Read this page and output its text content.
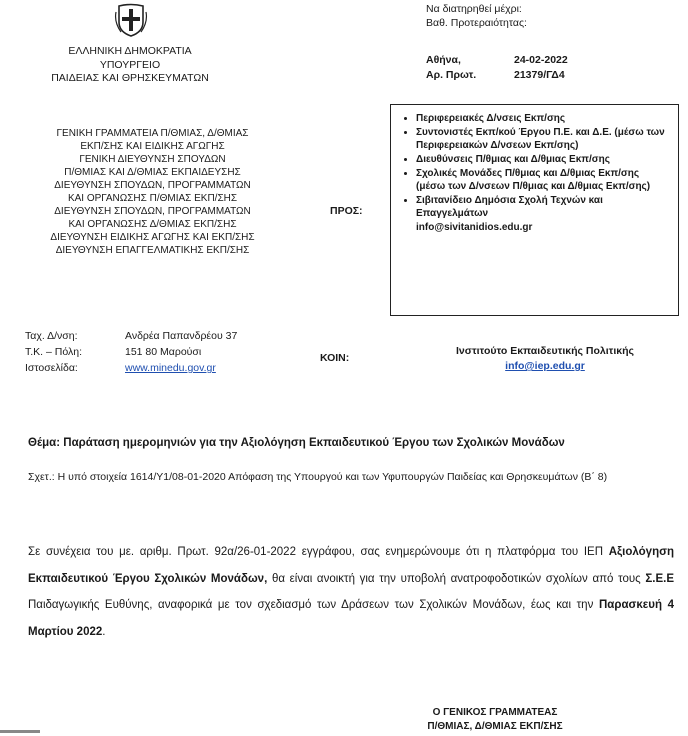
ΕΛΛΗΝΙΚΗ ΔΗΜΟΚΡΑΤΙΑ
ΥΠΟΥΡΓΕΙΟ
ΠΑΙΔΕΙΑΣ ΚΑΙ ΘΡΗΣΚΕΥΜΑΤΩΝ
ΓΕΝΙΚΗ ΓΡΑΜΜΑΤΕΙΑ Π/ΘΜΙΑΣ, Δ/ΘΜΙΑΣ
ΕΚΠ/ΣΗΣ ΚΑΙ ΕΙΔΙΚΗΣ ΑΓΩΓΗΣ
ΓΕΝΙΚΗ ΔΙΕΥΘΥΝΣΗ ΣΠΟΥΔΩΝ
Π/ΘΜΙΑΣ ΚΑΙ Δ/ΘΜΙΑΣ ΕΚΠΑΙΔΕΥΣΗΣ
ΔΙΕΥΘΥΝΣΗ ΣΠΟΥΔΩΝ, ΠΡΟΓΡΑΜΜΑΤΩΝ
ΚΑΙ ΟΡΓΑΝΩΣΗΣ Π/ΘΜΙΑΣ ΕΚΠ/ΣΗΣ
ΔΙΕΥΘΥΝΣΗ ΣΠΟΥΔΩΝ, ΠΡΟΓΡΑΜΜΑΤΩΝ
ΚΑΙ ΟΡΓΑΝΩΣΗΣ Δ/ΘΜΙΑΣ ΕΚΠ/ΣΗΣ
ΔΙΕΥΘΥΝΣΗ ΕΙΔΙΚΗΣ ΑΓΩΓΗΣ ΚΑΙ ΕΚΠ/ΣΗΣ
ΔΙΕΥΘΥΝΣΗ ΕΠΑΓΓΕΛΜΑΤΙΚΗΣ ΕΚΠ/ΣΗΣ
Ταχ. Δ/νση:	Ανδρέα Παπανδρέου 37
Τ.Κ. – Πόλη:	151 80 Μαρούσι
Ιστοσελίδα:	www.minedu.gov.gr
Να διατηρηθεί μέχρι:
Βαθ. Προτεραιότητας:
Αθήνα,	24-02-2022
Αρ. Πρωτ.	21379/ΓΔ4
ΠΡΟΣ:
• Περιφερειακές Δ/νσεις Εκπ/σης
• Συντονιστές Εκπ/κού Έργου Π.Ε. και Δ.Ε. (μέσω των Περιφερειακών Δ/νσεων Εκπ/σης)
• Διευθύνσεις Π/θμιας και Δ/θμιας Εκπ/σης
• Σχολικές Μονάδες Π/θμιας και Δ/θμιας Εκπ/σης (μέσω των Δ/νσεων Π/θμιας και Δ/θμιας Εκπ/σης)
• Σιβιτανίδειο Δημόσια Σχολή Τεχνών και Επαγγελμάτων
info@sivitanidios.edu.gr
ΚΟΙΝ:
Ινστιτούτο Εκπαιδευτικής Πολιτικής
info@iep.edu.gr
Θέμα: Παράταση ημερομηνιών για την Αξιολόγηση Εκπαιδευτικού Έργου των Σχολικών Μονάδων
Σχετ.: Η υπό στοιχεία 1614/Υ1/08-01-2020 Απόφαση της Υπουργού και των Υφυπουργών Παιδείας και Θρησκευμάτων (Β΄ 8)
Σε συνέχεια του με. αριθμ. Πρωτ. 92α/26-01-2022 εγγράφου, σας ενημερώνουμε ότι η πλατφόρμα του ΙΕΠ Αξιολόγηση Εκπαιδευτικού Έργου Σχολικών Μονάδων, θα είναι ανοικτή για την υποβολή ανατροφοδοτικών σχολίων από τους Σ.Ε.Ε Παιδαγωγικής Ευθύνης, αναφορικά με τον σχεδιασμό των Δράσεων των Σχολικών Μονάδων, έως και την Παρασκευή 4 Μαρτίου 2022.
Ο ΓΕΝΙΚΟΣ ΓΡΑΜΜΑΤΕΑΣ
Π/ΘΜΙΑΣ, Δ/ΘΜΙΑΣ ΕΚΠ/ΣΗΣ
